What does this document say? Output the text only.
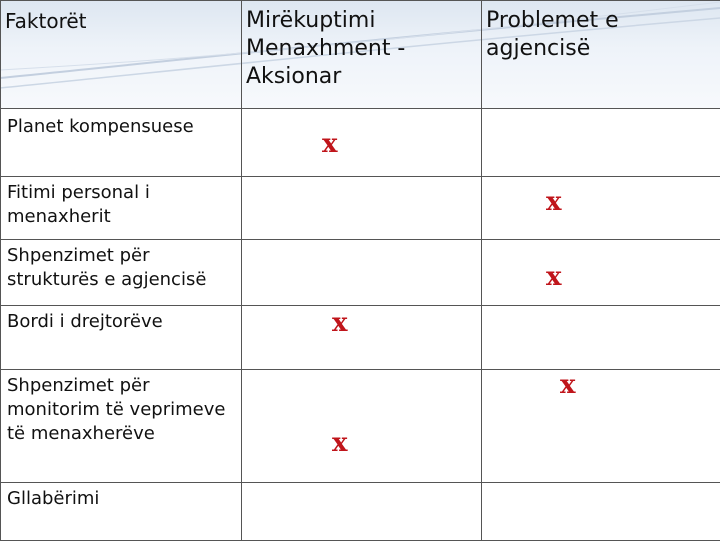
Faktorët	Mirëkuptimi Menaxhment - Aksionar	Problemet e agjencisë
Planet kompensuese	x	

Fitimi personal i menaxherit		x

Shpenzimet për strukturës e agjencisë		x

Bordi i drejtorëve	x	

Shpenzimet për monitorim të veprimeve të menaxherëve	x	x

Gllabërimi		
